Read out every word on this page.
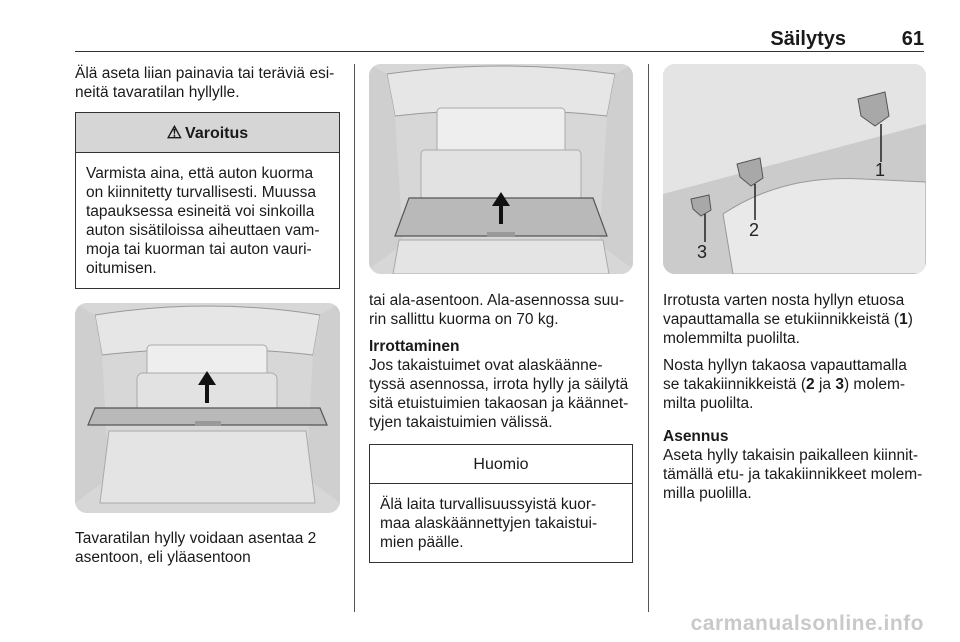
Säilytys	61

Älä aseta liian painavia tai teräviä esi-neitä tavaratilan hyllylle.

⚠ Varoitus
Varmista aina, että auton kuorma on kiinnitetty turvallisesti. Muussa tapauksessa esineitä voi sinkoilla auton sisätiloissa aiheuttaen vam-moja tai kuorman tai auton vauri-oitumisen.

Tavaratilan hylly voidaan asentaa 2 asentoon, eli yläasentoon

tai ala-asentoon. Ala-asennossa suu-rin sallittu kuorma on 70 kg.

Irrottaminen

Jos takaistuimet ovat alaskäänne-tyssä asennossa, irrota hylly ja säilytä sitä etuistuimien takaosan ja käännet-tyjen takaistuimien välissä.

Huomio
Älä laita turvallisuussyistä kuor-maa alaskäännettyjen takaistui-mien päälle.
1
2
3

Irrotusta varten nosta hyllyn etuosa vapauttamalla se etukiinnikkeistä (1) molemmilta puolilta.

Nosta hyllyn takaosa vapauttamalla se takakiinnikkeistä (2 ja 3) molem-milta puolilta.

Asennus

Aseta hylly takaisin paikalleen kiinnit-tämällä etu- ja takakiinnikkeet molem-milla puolilla.

carmanualsonline.info
